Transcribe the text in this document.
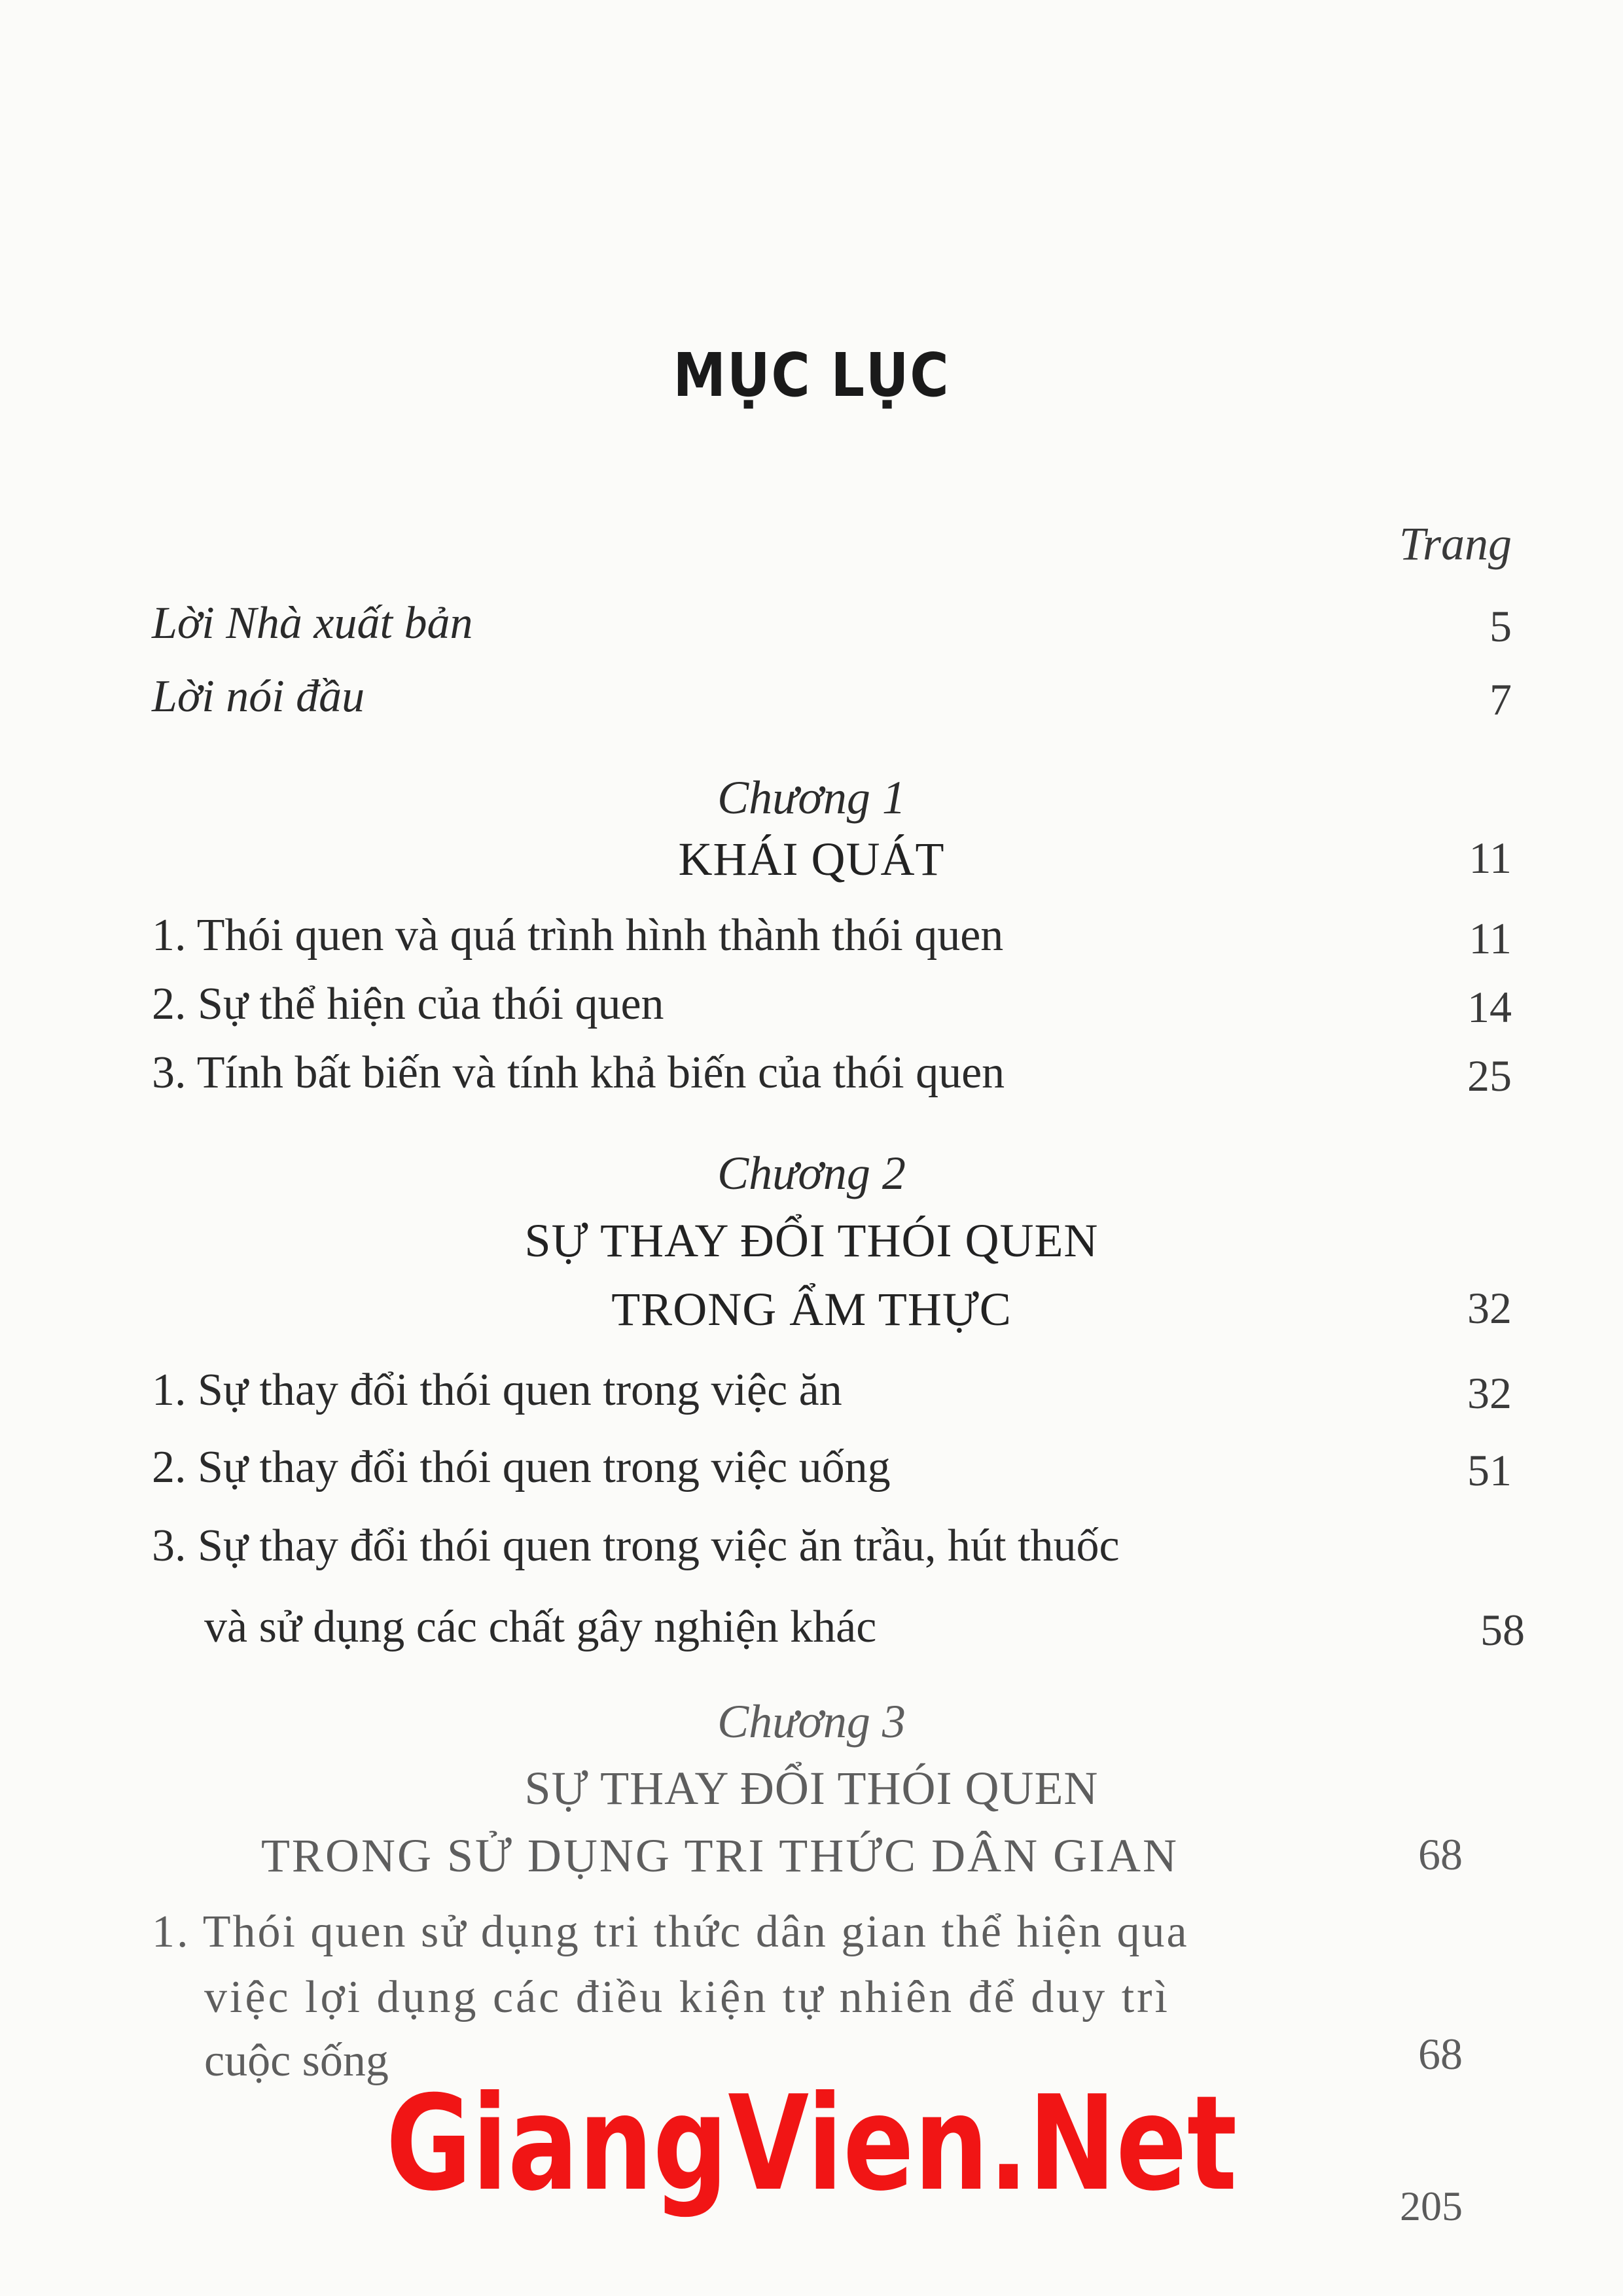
MỤC LỤC
Trang
Lời Nhà xuất bản	5
Lời nói đầu	7
Chương 1
KHÁI QUÁT	11
1. Thói quen và quá trình hình thành thói quen	11
2. Sự thể hiện của thói quen	14
3. Tính bất biến và tính khả biến của thói quen	25
Chương 2
SỰ THAY ĐỔI THÓI QUEN
TRONG ẨM THỰC	32
1. Sự thay đổi thói quen trong việc ăn	32
2. Sự thay đổi thói quen trong việc uống	51
3. Sự thay đổi thói quen trong việc ăn trầu, hút thuốc
và sử dụng các chất gây nghiện khác	58
Chương 3
SỰ THAY ĐỔI THÓI QUEN
TRONG SỬ DỤNG TRI THỨC DÂN GIAN	68
1. Thói quen sử dụng tri thức dân gian thể hiện qua
việc lợi dụng các điều kiện tự nhiên để duy trì
cuộc sống	68
GiangVien.Net	205
